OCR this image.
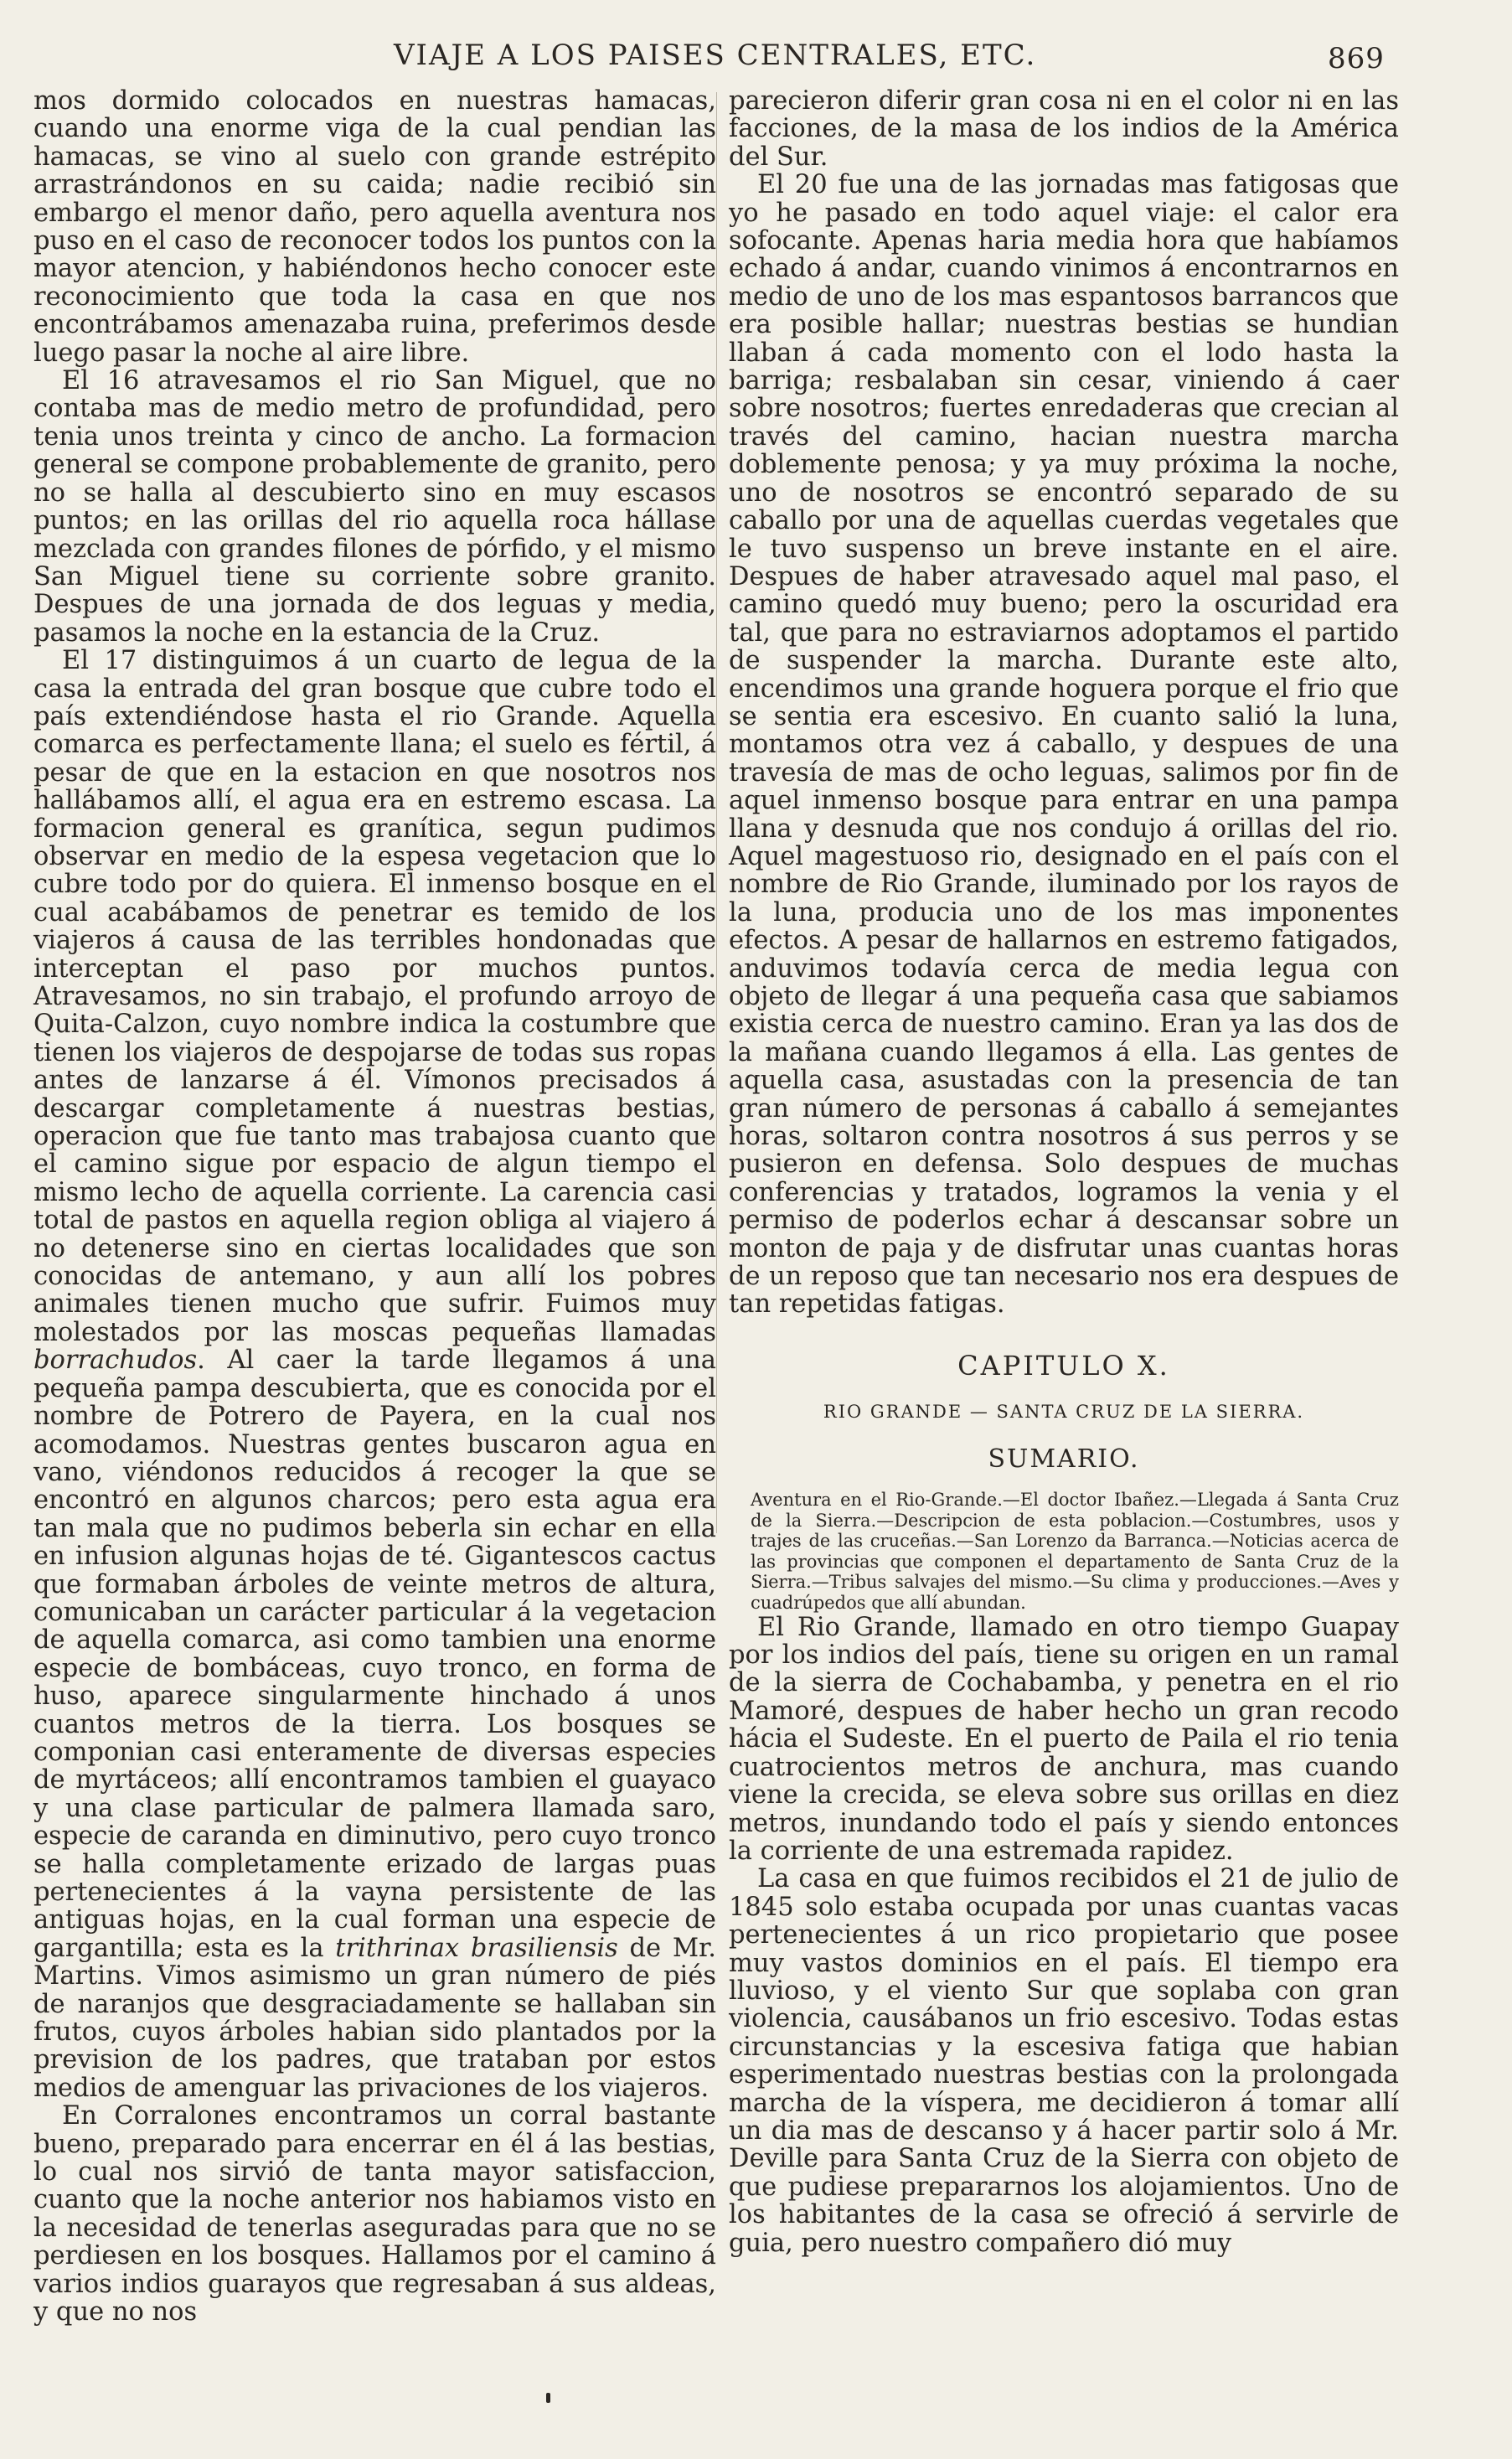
VIAJE A LOS PAISES CENTRALES, ETC.	869

mos dormido colocados en nuestras hamacas, cuando una enorme viga de la cual pendian las hamacas, se vino al suelo con grande estrépito arrastrándonos en su caida; nadie recibió sin embargo el menor daño, pero aquella aventura nos puso en el caso de reconocer todos los puntos con la mayor atencion, y habiéndonos hecho conocer este reconocimiento que toda la casa en que nos encontrábamos amenazaba ruina, preferimos desde luego pasar la noche al aire libre.

El 16 atravesamos el rio San Miguel, que no contaba mas de medio metro de profundidad, pero tenia unos treinta y cinco de ancho. La formacion general se compone probablemente de granito, pero no se halla al descubierto sino en muy escasos puntos; en las orillas del rio aquella roca hállase mezclada con grandes filones de pórfido, y el mismo San Miguel tiene su corriente sobre granito. Despues de una jornada de dos leguas y media, pasamos la noche en la estancia de la Cruz.

El 17 distinguimos á un cuarto de legua de la casa la entrada del gran bosque que cubre todo el país extendiéndose hasta el rio Grande. Aquella comarca es perfectamente llana; el suelo es fértil, á pesar de que en la estacion en que nosotros nos hallábamos allí, el agua era en estremo escasa. La formacion general es granítica, segun pudimos observar en medio de la espesa vegetacion que lo cubre todo por do quiera. El inmenso bosque en el cual acabábamos de penetrar es temido de los viajeros á causa de las terribles hondonadas que interceptan el paso por muchos puntos. Atravesamos, no sin trabajo, el profundo arroyo de Quita-Calzon, cuyo nombre indica la costumbre que tienen los viajeros de despojarse de todas sus ropas antes de lanzarse á él. Vímonos precisados á descargar completamente á nuestras bestias, operacion que fue tanto mas trabajosa cuanto que el camino sigue por espacio de algun tiempo el mismo lecho de aquella corriente. La carencia casi total de pastos en aquella region obliga al viajero á no detenerse sino en ciertas localidades que son conocidas de antemano, y aun allí los pobres animales tienen mucho que sufrir. Fuimos muy molestados por las moscas pequeñas llamadas borrachudos. Al caer la tarde llegamos á una pequeña pampa descubierta, que es conocida por el nombre de Potrero de Payera, en la cual nos acomodamos. Nuestras gentes buscaron agua en vano, viéndonos reducidos á recoger la que se encontró en algunos charcos; pero esta agua era tan mala que no pudimos beberla sin echar en ella en infusion algunas hojas de té. Gigantescos cactus que formaban árboles de veinte metros de altura, comunicaban un carácter particular á la vegetacion de aquella comarca, asi como tambien una enorme especie de bombáceas, cuyo tronco, en forma de huso, aparece singularmente hinchado á unos cuantos metros de la tierra. Los bosques se componian casi enteramente de diversas especies de myrtáceos; allí encontramos tambien el guayaco y una clase particular de palmera llamada saro, especie de caranda en diminutivo, pero cuyo tronco se halla completamente erizado de largas puas pertenecientes á la vayna persistente de las antiguas hojas, en la cual forman una especie de gargantilla; esta es la trithrinax brasiliensis de Mr. Martins. Vimos asimismo un gran número de piés de naranjos que desgraciadamente se hallaban sin frutos, cuyos árboles habian sido plantados por la prevision de los padres, que trataban por estos medios de amenguar las privaciones de los viajeros.

En Corralones encontramos un corral bastante bueno, preparado para encerrar en él á las bestias, lo cual nos sirvió de tanta mayor satisfaccion, cuanto que la noche anterior nos habiamos visto en la necesidad de tenerlas aseguradas para que no se perdiesen en los bosques. Hallamos por el camino á varios indios guarayos que regresaban á sus aldeas, y que no nos

parecieron diferir gran cosa ni en el color ni en las facciones, de la masa de los indios de la América del Sur.

El 20 fue una de las jornadas mas fatigosas que yo he pasado en todo aquel viaje: el calor era sofocante. Apenas haria media hora que habíamos echado á andar, cuando vinimos á encontrarnos en medio de uno de los mas espantosos barrancos que era posible hallar; nuestras bestias se hundian llaban á cada momento con el lodo hasta la barriga; resbalaban sin cesar, viniendo á caer sobre nosotros; fuertes enredaderas que crecian al través del camino, hacian nuestra marcha doblemente penosa; y ya muy próxima la noche, uno de nosotros se encontró separado de su caballo por una de aquellas cuerdas vegetales que le tuvo suspenso un breve instante en el aire. Despues de haber atravesado aquel mal paso, el camino quedó muy bueno; pero la oscuridad era tal, que para no estraviarnos adoptamos el partido de suspender la marcha. Durante este alto, encendimos una grande hoguera porque el frio que se sentia era escesivo. En cuanto salió la luna, montamos otra vez á caballo, y despues de una travesía de mas de ocho leguas, salimos por fin de aquel inmenso bosque para entrar en una pampa llana y desnuda que nos condujo á orillas del rio. Aquel magestuoso rio, designado en el país con el nombre de Rio Grande, iluminado por los rayos de la luna, producia uno de los mas imponentes efectos. A pesar de hallarnos en estremo fatigados, anduvimos todavía cerca de media legua con objeto de llegar á una pequeña casa que sabiamos existia cerca de nuestro camino. Eran ya las dos de la mañana cuando llegamos á ella. Las gentes de aquella casa, asustadas con la presencia de tan gran número de personas á caballo á semejantes horas, soltaron contra nosotros á sus perros y se pusieron en defensa. Solo despues de muchas conferencias y tratados, logramos la venia y el permiso de poderlos echar á descansar sobre un monton de paja y de disfrutar unas cuantas horas de un reposo que tan necesario nos era despues de tan repetidas fatigas.

CAPITULO X.
RIO GRANDE — SANTA CRUZ DE LA SIERRA.
SUMARIO.

Aventura en el Rio-Grande.—El doctor Ibañez.—Llegada á Santa Cruz de la Sierra.—Descripcion de esta poblacion.—Costumbres, usos y trajes de las cruceñas.—San Lorenzo da Barranca.—Noticias acerca de las provincias que componen el departamento de Santa Cruz de la Sierra.—Tribus salvajes del mismo.—Su clima y producciones.—Aves y cuadrúpedos que allí abundan.

El Rio Grande, llamado en otro tiempo Guapay por los indios del país, tiene su origen en un ramal de la sierra de Cochabamba, y penetra en el rio Mamoré, despues de haber hecho un gran recodo hácia el Sudeste. En el puerto de Paila el rio tenia cuatrocientos metros de anchura, mas cuando viene la crecida, se eleva sobre sus orillas en diez metros, inundando todo el país y siendo entonces la corriente de una estremada rapidez.

La casa en que fuimos recibidos el 21 de julio de 1845 solo estaba ocupada por unas cuantas vacas pertenecientes á un rico propietario que posee muy vastos dominios en el país. El tiempo era lluvioso, y el viento Sur que soplaba con gran violencia, causábanos un frio escesivo. Todas estas circunstancias y la escesiva fatiga que habian esperimentado nuestras bestias con la prolongada marcha de la víspera, me decidieron á tomar allí un dia mas de descanso y á hacer partir solo á Mr. Deville para Santa Cruz de la Sierra con objeto de que pudiese prepararnos los alojamientos. Uno de los habitantes de la casa se ofreció á servirle de guia, pero nuestro compañero dió muy
